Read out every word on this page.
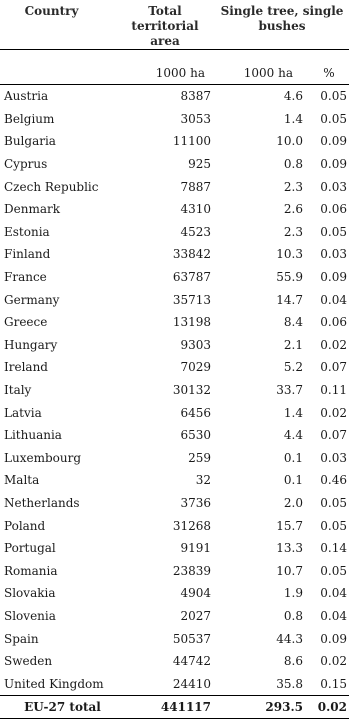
Country	Total territorial area	Single tree, single bushes	
	1000 ha	1000 ha	%
Austria	8387	4.6	0.05
Belgium	3053	1.4	0.05
Bulgaria	11100	10.0	0.09
Cyprus	925	0.8	0.09
Czech Republic	7887	2.3	0.03
Denmark	4310	2.6	0.06
Estonia	4523	2.3	0.05
Finland	33842	10.3	0.03
France	63787	55.9	0.09
Germany	35713	14.7	0.04
Greece	13198	8.4	0.06
Hungary	9303	2.1	0.02
Ireland	7029	5.2	0.07
Italy	30132	33.7	0.11
Latvia	6456	1.4	0.02
Lithuania	6530	4.4	0.07
Luxembourg	259	0.1	0.03
Malta	32	0.1	0.46
Netherlands	3736	2.0	0.05
Poland	31268	15.7	0.05
Portugal	9191	13.3	0.14
Romania	23839	10.7	0.05
Slovakia	4904	1.9	0.04
Slovenia	2027	0.8	0.04
Spain	50537	44.3	0.09
Sweden	44742	8.6	0.02
United Kingdom	24410	35.8	0.15
EU-27 total	441117	293.5	0.02
